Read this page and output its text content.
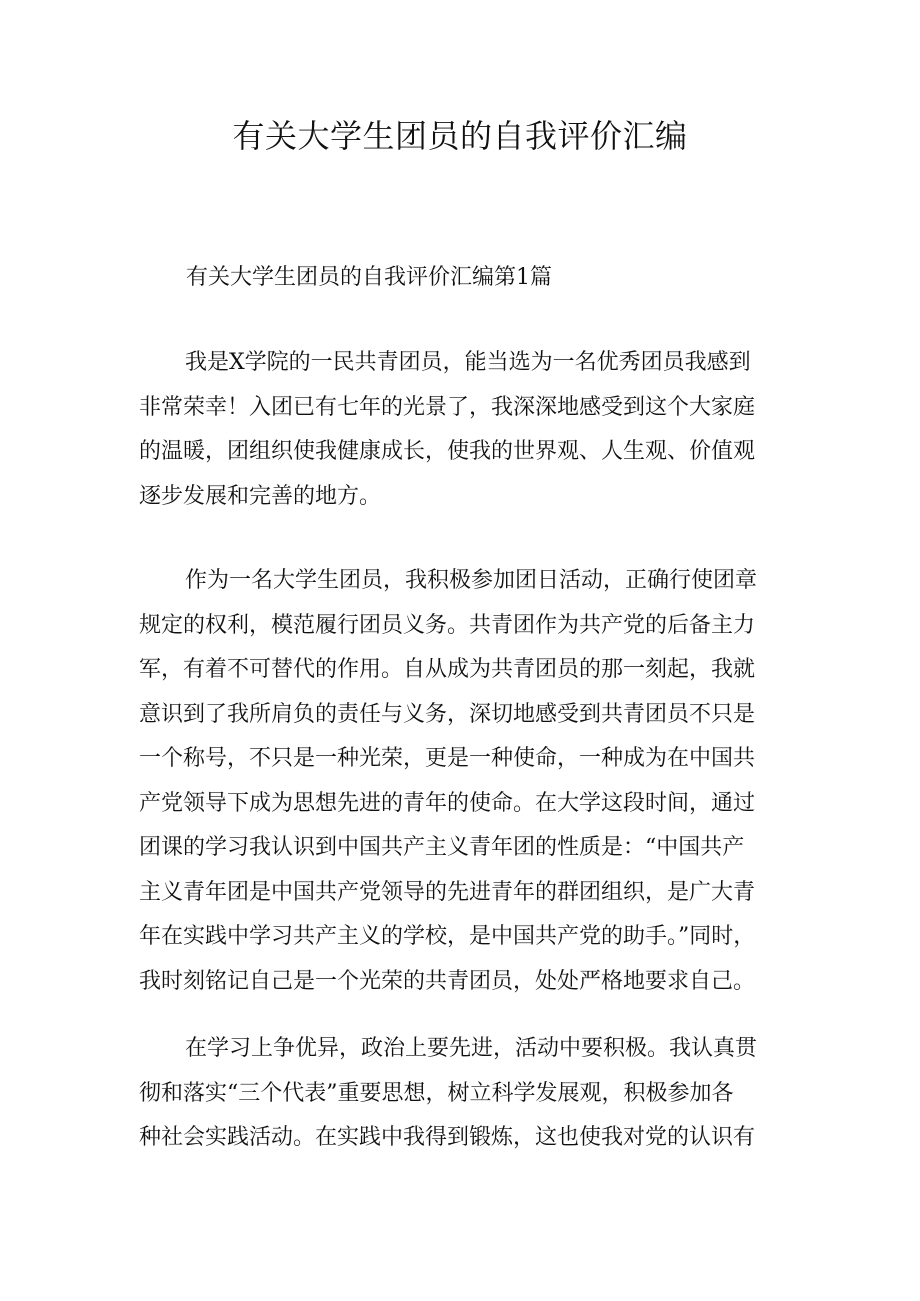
有关大学生团员的自我评价汇编

有关大学生团员的自我评价汇编第1篇

我是X学院的一民共青团员，能当选为一名优秀团员我感到
非常荣幸！入团已有七年的光景了，我深深地感受到这个大家庭
的温暖，团组织使我健康成长，使我的世界观、人生观、价值观
逐步发展和完善的地方。
作为一名大学生团员，我积极参加团日活动，正确行使团章
规定的权利，模范履行团员义务。共青团作为共产党的后备主力
军，有着不可替代的作用。自从成为共青团员的那一刻起，我就
意识到了我所肩负的责任与义务，深切地感受到共青团员不只是
一个称号，不只是一种光荣，更是一种使命，一种成为在中国共
产党领导下成为思想先进的青年的使命。在大学这段时间，通过
团课的学习我认识到中国共产主义青年团的性质是：“中国共产
主义青年团是中国共产党领导的先进青年的群团组织，是广大青
年在实践中学习共产主义的学校，是中国共产党的助手。”同时，
我时刻铭记自己是一个光荣的共青团员，处处严格地要求自己。
在学习上争优异，政治上要先进，活动中要积极。我认真贯
彻和落实“三个代表”重要思想，树立科学发展观，积极参加各
种社会实践活动。在实践中我得到锻炼，这也使我对党的认识有
